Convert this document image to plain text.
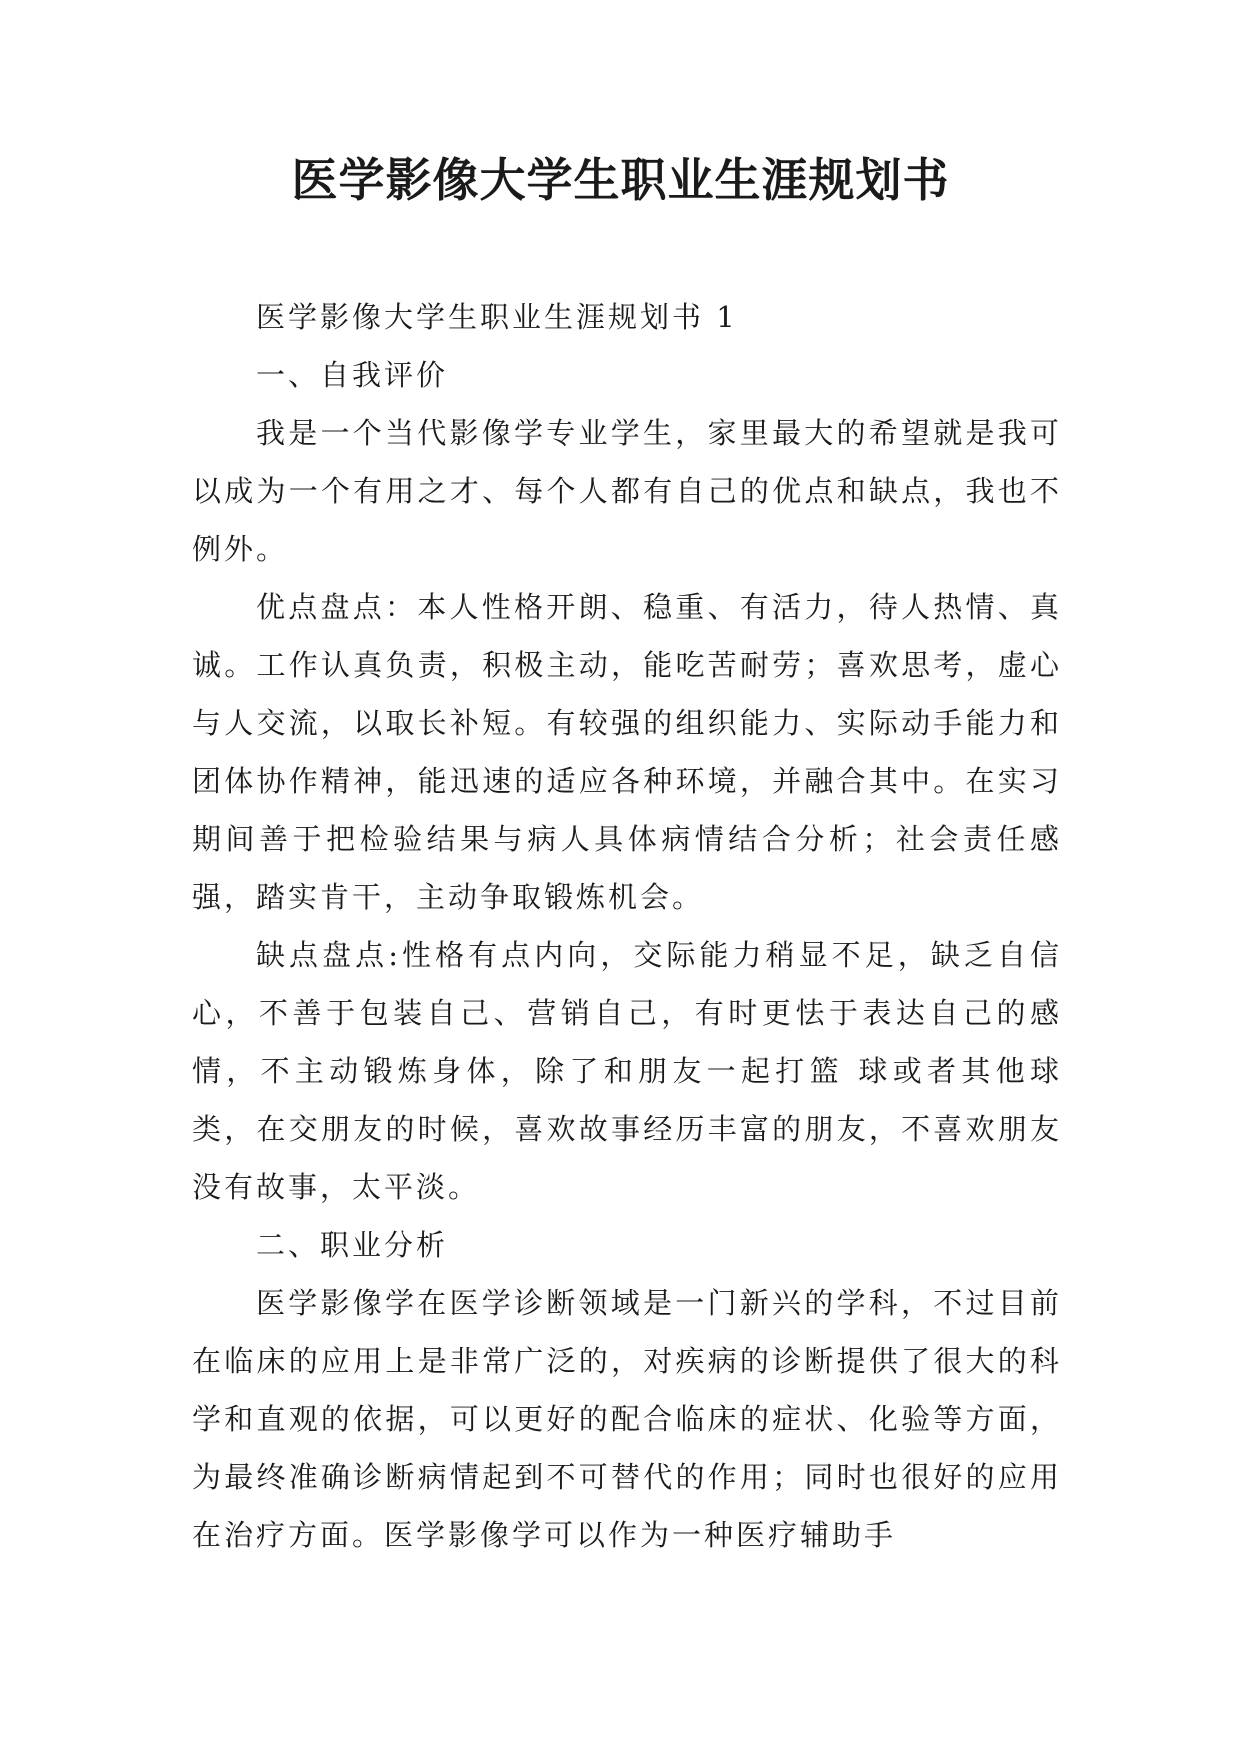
医学影像大学生职业生涯规划书

医学影像大学生职业生涯规划书 1

一、自我评价

我是一个当代影像学专业学生，家里最大的希望就是我可以成为一个有用之才、每个人都有自己的优点和缺点，我也不例外。

优点盘点：本人性格开朗、稳重、有活力，待人热情、真诚。工作认真负责，积极主动，能吃苦耐劳；喜欢思考，虚心与人交流，以取长补短。有较强的组织能力、实际动手能力和团体协作精神，能迅速的适应各种环境，并融合其中。在实习期间善于把检验结果与病人具体病情结合分析；社会责任感强，踏实肯干，主动争取锻炼机会。

缺点盘点:性格有点内向，交际能力稍显不足，缺乏自信心，不善于包装自己、营销自己，有时更怯于表达自己的感情，不主动锻炼身体，除了和朋友一起打篮 球或者其他球类，在交朋友的时候，喜欢故事经历丰富的朋友，不喜欢朋友没有故事，太平淡。

二、职业分析

医学影像学在医学诊断领域是一门新兴的学科，不过目前在临床的应用上是非常广泛的，对疾病的诊断提供了很大的科学和直观的依据，可以更好的配合临床的症状、化验等方面，为最终准确诊断病情起到不可替代的作用；同时也很好的应用在治疗方面。医学影像学可以作为一种医疗辅助手
